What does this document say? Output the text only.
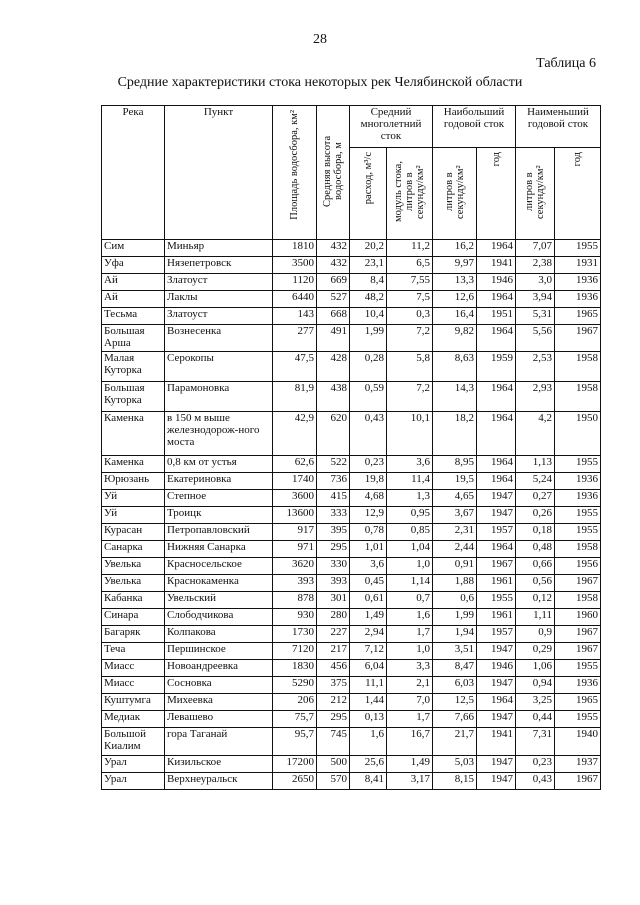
28
Таблица 6
Средние характеристики стока некоторых рек Челябинской области
Река	Пункт	Площадь водосбора, км²	Средняя высота водосбора, м	Средний многолетний сток		Наибольший годовой сток		Наименьший годовой сток	
				расход, м³/с	модуль стока, литров в секунду/км²	литров в секунду/км²	год	литров в секунду/км²	год
Сим	Миньяр	1810	432	20,2	11,2	16,2	1964	7,07	1955
Уфа	Нязепетровск	3500	432	23,1	6,5	9,97	1941	2,38	1931
Ай	Златоуст	1120	669	8,4	7,55	13,3	1946	3,0	1936
Ай	Лаклы	6440	527	48,2	7,5	12,6	1964	3,94	1936
Тесьма	Златоуст	143	668	10,4	0,3	16,4	1951	5,31	1965
Большая Арша	Вознесенка	277	491	1,99	7,2	9,82	1964	5,56	1967
Малая Куторка	Серокопы	47,5	428	0,28	5,8	8,63	1959	2,53	1958
Большая Куторка	Парамоновка	81,9	438	0,59	7,2	14,3	1964	2,93	1958
Каменка	в 150 м выше железнодорож-ного моста	42,9	620	0,43	10,1	18,2	1964	4,2	1950
Каменка	0,8 км от устья	62,6	522	0,23	3,6	8,95	1964	1,13	1955
Юрюзань	Екатериновка	1740	736	19,8	11,4	19,5	1964	5,24	1936
Уй	Степное	3600	415	4,68	1,3	4,65	1947	0,27	1936
Уй	Троицк	13600	333	12,9	0,95	3,67	1947	0,26	1955
Курасан	Петропавловский	917	395	0,78	0,85	2,31	1957	0,18	1955
Санарка	Нижняя Санарка	971	295	1,01	1,04	2,44	1964	0,48	1958
Увелька	Красносельское	3620	330	3,6	1,0	0,91	1967	0,66	1956
Увелька	Краснокаменка	393	393	0,45	1,14	1,88	1961	0,56	1967
Кабанка	Увельский	878	301	0,61	0,7	0,6	1955	0,12	1958
Синара	Слободчикова	930	280	1,49	1,6	1,99	1961	1,11	1960
Багаряк	Колпакова	1730	227	2,94	1,7	1,94	1957	0,9	1967
Теча	Першинское	7120	217	7,12	1,0	3,51	1947	0,29	1967
Миасс	Новоандреевка	1830	456	6,04	3,3	8,47	1946	1,06	1955
Миасс	Сосновка	5290	375	11,1	2,1	6,03	1947	0,94	1936
Куштумга	Михеевка	206	212	1,44	7,0	12,5	1964	3,25	1965
Медиак	Левашево	75,7	295	0,13	1,7	7,66	1947	0,44	1955
Большой Киалим	гора Таганай	95,7	745	1,6	16,7	21,7	1941	7,31	1940
Урал	Кизильское	17200	500	25,6	1,49	5,03	1947	0,23	1937
Урал	Верхнеуральск	2650	570	8,41	3,17	8,15	1947	0,43	1967
